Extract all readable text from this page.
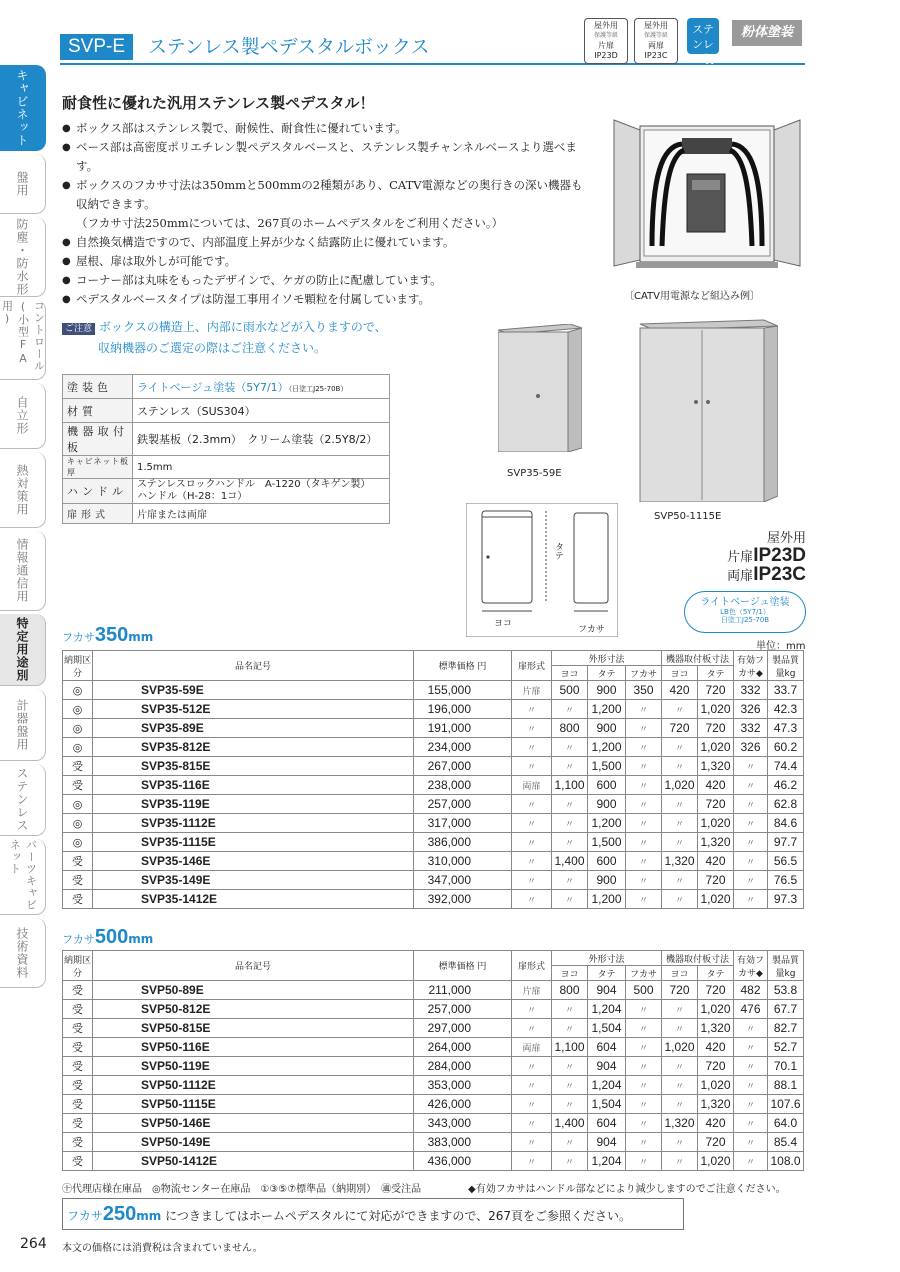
SVP-E	ステンレス製ペデスタルボックス
屋外用
保護等級
片扉IP23D
屋外用
保護等級
両扉IP23C
ステンレス製
粉体塗装
キャビネット
盤用
防塵・防水形
コントロール(小型FA用)
自立形
熱対策用
情報通信用
特定用途別
計器盤用
ステンレス
パーツキャビネット
技術資料
耐食性に優れた汎用ステンレス製ペデスタル！
● ボックス部はステンレス製で、耐候性、耐食性に優れています。
● ベース部は高密度ポリエチレン製ペデスタルベースと、ステンレス製チャンネルベースより選べます。
● ボックスのフカサ寸法は350mmと500mmの2種類があり、CATV電源などの奥行きの深い機器も収納できます。
（フカサ寸法250mmについては、267頁のホームペデスタルをご利用ください。）
● 自然換気構造ですので、内部温度上昇が少なく結露防止に優れています。
● 屋根、扉は取外しが可能です。
● コーナー部は丸味をもったデザインで、ケガの防止に配慮しています。
● ペデスタルベースタイプは防湿工事用イソモ顆粒を付属しています。
ご注意 ボックスの構造上、内部に雨水などが入りますので、
収納機器のご選定の際はご注意ください。
塗装色	ライトベージュ塗装（5Y7/1）（日塗工J25-70B）
材質	ステンレス（SUS304）
機器取付板	鉄製基板（2.3mm）　クリーム塗装（2.5Y8/2）
キャビネット板厚	1.5mm
ハンドル	ステンレスロックハンドル　A-1220（タキゲン製）
ハンドル（H-28：1コ）

扉形式	片扉または両扉
〔CATV用電源など組込み例〕
SVP35-59E
SVP50-1115E
タテ
ヨコ
フカサ
屋外用
片扉IP23D
両扉IP23C
ライトベージュ塗装
LB色（5Y7/1）
日塗工J25-70B
単位：mm
フカサ350mm
納期区分	品名記号		標準価格 円	扉形式	外形寸法			機器取付板寸法		有効フカサ◆	製品質量kg
					ヨコ	タテ	フカサ	ヨコ	タテ		
◎	SVP35-59E		155,000	片扉	500	900	350	420	720	332	33.7
◎	SVP35-512E		196,000	〃	〃	1,200	〃	〃	1,020	326	42.3
◎	SVP35-89E		191,000	〃	800	900	〃	720	720	332	47.3
◎	SVP35-812E		234,000	〃	〃	1,200	〃	〃	1,020	326	60.2
受	SVP35-815E		267,000	〃	〃	1,500	〃	〃	1,320	〃	74.4
受	SVP35-116E		238,000	両扉	1,100	600	〃	1,020	420	〃	46.2
◎	SVP35-119E		257,000	〃	〃	900	〃	〃	720	〃	62.8
◎	SVP35-1112E		317,000	〃	〃	1,200	〃	〃	1,020	〃	84.6
◎	SVP35-1115E		386,000	〃	〃	1,500	〃	〃	1,320	〃	97.7
受	SVP35-146E		310,000	〃	1,400	600	〃	1,320	420	〃	56.5
受	SVP35-149E		347,000	〃	〃	900	〃	〃	720	〃	76.5
受	SVP35-1412E		392,000	〃	〃	1,200	〃	〃	1,020	〃	97.3
フカサ500mm
納期区分	品名記号		標準価格 円	扉形式	外形寸法			機器取付板寸法		有効フカサ◆	製品質量kg
					ヨコ	タテ	フカサ	ヨコ	タテ		
受	SVP50-89E		211,000	片扉	800	904	500	720	720	482	53.8
受	SVP50-812E		257,000	〃	〃	1,204	〃	〃	1,020	476	67.7
受	SVP50-815E		297,000	〃	〃	1,504	〃	〃	1,320	〃	82.7
受	SVP50-116E		264,000	両扉	1,100	604	〃	1,020	420	〃	52.7
受	SVP50-119E		284,000	〃	〃	904	〃	〃	720	〃	70.1
受	SVP50-1112E		353,000	〃	〃	1,204	〃	〃	1,020	〃	88.1
受	SVP50-1115E		426,000	〃	〃	1,504	〃	〃	1,320	〃	107.6
受	SVP50-146E		343,000	〃	1,400	604	〃	1,320	420	〃	64.0
受	SVP50-149E		383,000	〃	〃	904	〃	〃	720	〃	85.4
受	SVP50-1412E		436,000	〃	〃	1,204	〃	〃	1,020	〃	108.0
㊉代理店様在庫品　◎物流センター在庫品　①③⑤⑦標準品（納期別）　㊜受注品	◆有効フカサはハンドル部などにより減少しますのでご注意ください。
フカサ250mm につきましてはホームペデスタルにて対応ができますので、267頁をご参照ください。
264 本文の価格には消費税は含まれていません。
